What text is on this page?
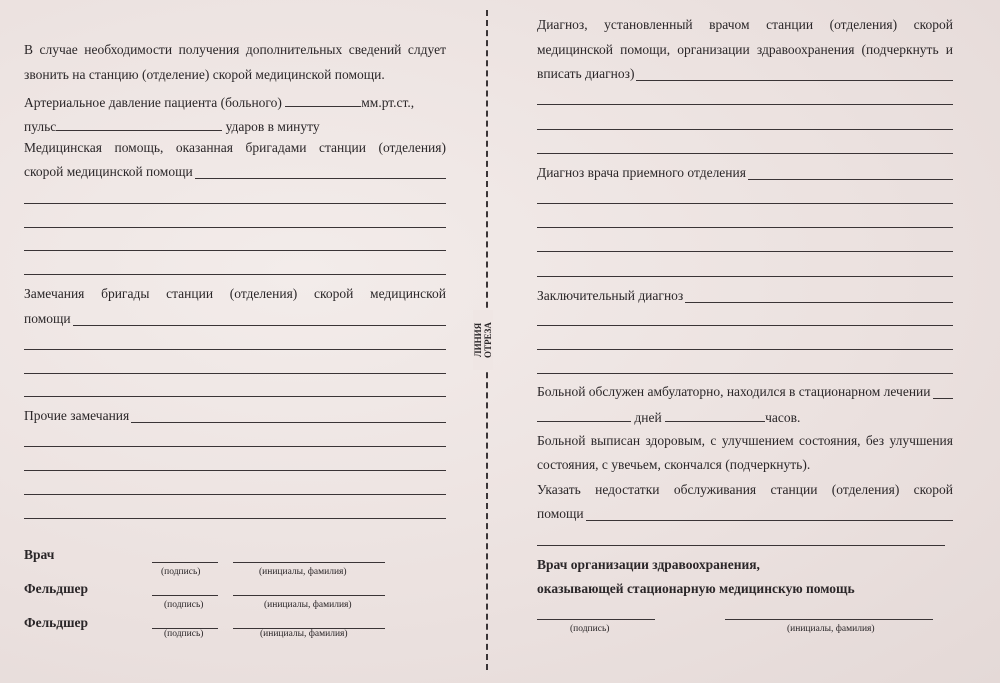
В случае необходимости получения дополнительных сведений слдует
звонить на станцию (отделение) скорой медицинской помощи.
Артериальное давление пациента (больного)	мм.рт.ст.,
пульс	ударов в минуту
Медицинская помощь, оказанная бригадами станции (отделения)
скорой медицинской помощи
Замечания бригады станции (отделения) скорой медицинской
помощи
Прочие замечания
Врач
(подпись)	(инициалы, фамилия)
Фельдшер
(подпись)	(инициалы, фамилия)
Фельдшер
(подпись)	(инициалы, фамилия)
ЛИНИЯ ОТРЕЗА
Диагноз, установленный врачом станции (отделения) скорой
медицинской помощи, организации здравоохранения (подчеркнуть и
вписать диагноз)
Диагноз врача приемного отделения
Заключительный диагноз
Больной обслужен амбулаторно, находился в стационарном лечении
дней	часов.
Больной выписан здоровым, с улучшением состояния, без улучшения
состояния, с увечьем, скончался (подчеркнуть).
Указать недостатки обслуживания станции (отделения) скорой
помощи
Врач организации здравоохранения,
оказывающей стационарную медицинскую помощь
(подпись)	(инициалы, фамилия)
